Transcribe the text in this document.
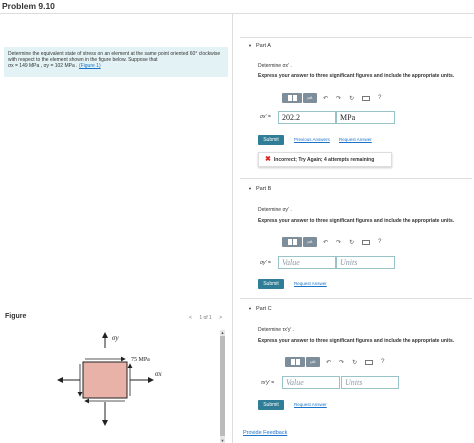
Problem 9.10
Determine the equivalent state of stress on an element at the same point oriented 60° clockwise with respect to the element shown in the figure below. Suppose that
σx = 149 MPa , σy = 102 MPa . (Figure 1)
Figure	< 1 of 1 >
σy
75 MPa
σx
▲
▼
▼ Part A
Determine σx′ .
Express your answer to three significant figures and include the appropriate units.
μA	↶ ↷ ↻	?
σx′ =	202.2	MPa
Submit	Previous Answers Request Answer
✖ Incorrect; Try Again; 4 attempts remaining
▼ Part B
Determine σy′ .
Express your answer to three significant figures and include the appropriate units.
μA	↶ ↷ ↻	?
σy′ =	Value	Units
Submit	Request Answer
▼ Part C
Determine τx′y′ .
Express your answer to three significant figures and include the appropriate units.
μA	↶ ↷ ↻	?
τx′y′ =	Value	Units
Submit	Request Answer
Provide Feedback
